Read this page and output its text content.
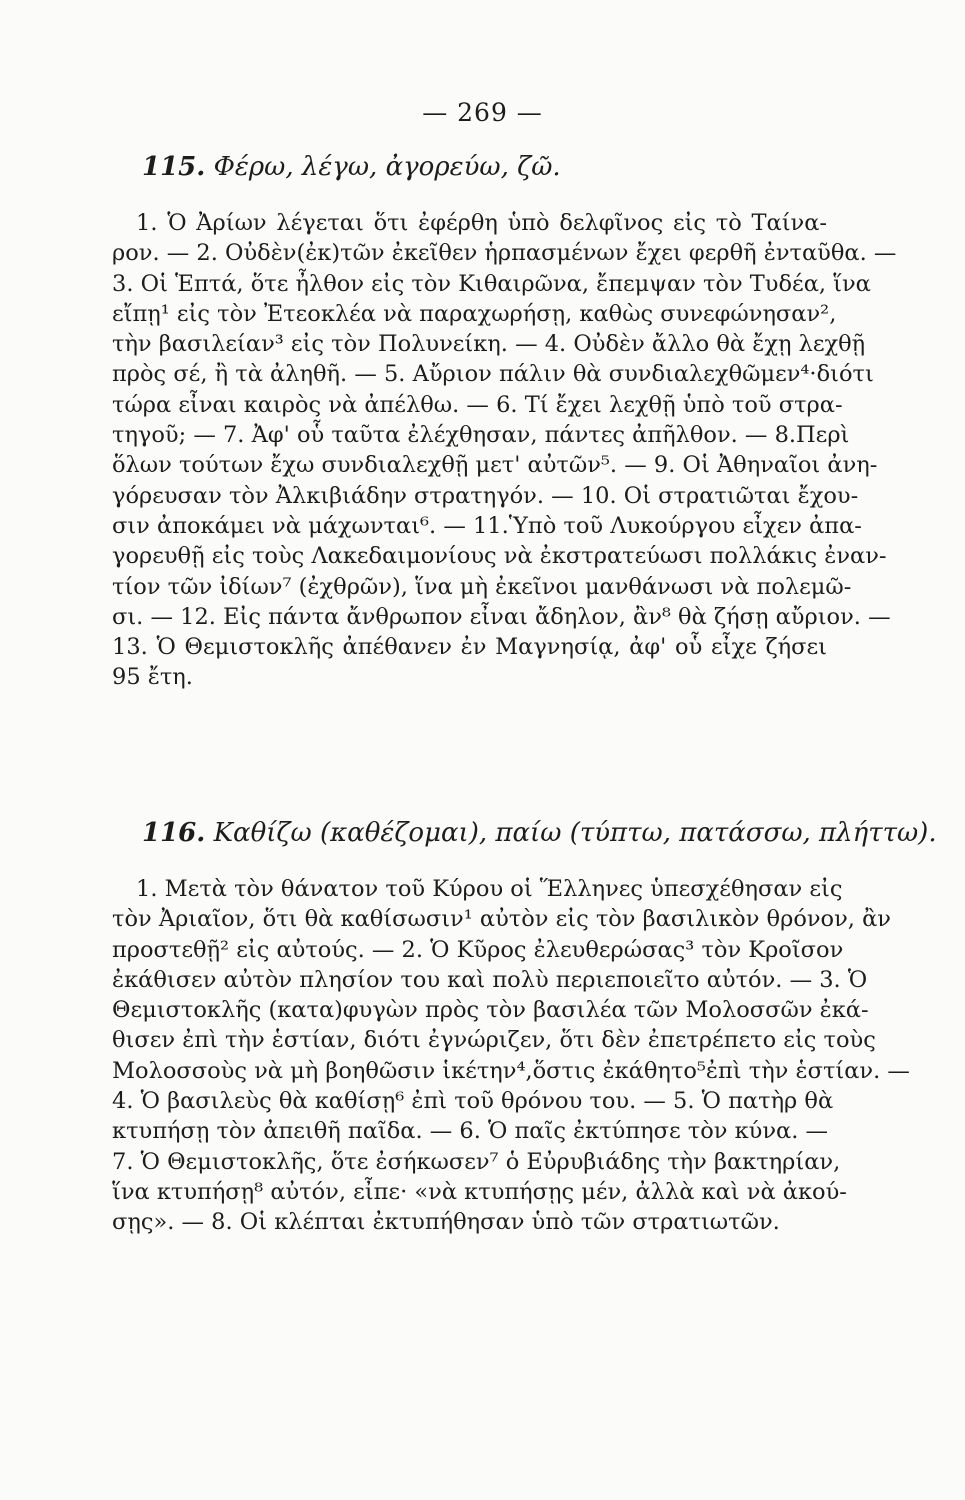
— 269 —
115. Φέρω, λέγω, ἀγορεύω, ζῶ.
1. Ὁ Ἀρίων λέγεται ὅτι ἐφέρθη ὑπὸ δελφῖνος εἰς τὸ Ταίνα-
ρον. — 2. Οὐδὲν(ἐκ)τῶν ἐκεῖθεν ἡρπασμένων ἔχει φερθῆ ἐνταῦθα. —
3. Οἱ Ἑπτά, ὅτε ἦλθον εἰς τὸν Κιθαιρῶνα, ἔπεμψαν τὸν Τυδέα, ἵνα
εἴπῃ¹ εἰς τὸν Ἐτεοκλέα νὰ παραχωρήσῃ, καθὼς συνεφώνησαν²,
τὴν βασιλείαν³ εἰς τὸν Πολυνείκη. — 4. Οὐδὲν ἄλλο θὰ ἔχῃ λεχθῇ
πρὸς σέ, ἢ τὰ ἀληθῆ. — 5. Αὔριον πάλιν θὰ συνδιαλεχθῶμεν⁴·διότι
τώρα εἶναι καιρὸς νὰ ἀπέλθω. — 6. Τί ἔχει λεχθῇ ὑπὸ τοῦ στρα-
τηγοῦ; — 7. Ἀφ' οὗ ταῦτα ἐλέχθησαν, πάντες ἀπῆλθον. — 8.Περὶ
ὅλων τούτων ἔχω συνδιαλεχθῇ μετ' αὐτῶν⁵. — 9. Οἱ Ἀθηναῖοι ἀνη-
γόρευσαν τὸν Ἀλκιβιάδην στρατηγόν. — 10. Οἱ στρατιῶται ἔχου-
σιν ἀποκάμει νὰ μάχωνται⁶. — 11.Ὑπὸ τοῦ Λυκούργου εἶχεν ἀπα-
γορευθῇ εἰς τοὺς Λακεδαιμονίους νὰ ἐκστρατεύωσι πολλάκις ἐναν-
τίον τῶν ἰδίων⁷ (ἐχθρῶν), ἵνα μὴ ἐκεῖνοι μανθάνωσι νὰ πολεμῶ-
σι. — 12. Εἰς πάντα ἄνθρωπον εἶναι ἄδηλον, ἂν⁸ θὰ ζήσῃ αὔριον. —
13. Ὁ Θεμιστοκλῆς ἀπέθανεν ἐν Μαγνησίᾳ, ἀφ' οὗ εἶχε ζήσει
95 ἔτη.
116. Καθίζω (καθέζομαι), παίω (τύπτω, πατάσσω, πλήττω).
1. Μετὰ τὸν θάνατον τοῦ Κύρου οἱ Ἕλληνες ὑπεσχέθησαν εἰς
τὸν Ἀριαῖον, ὅτι θὰ καθίσωσιν¹ αὐτὸν εἰς τὸν βασιλικὸν θρόνον, ἂν
προστεθῇ² εἰς αὐτούς. — 2. Ὁ Κῦρος ἐλευθερώσας³ τὸν Κροῖσον
ἐκάθισεν αὐτὸν πλησίον του καὶ πολὺ περιεποιεῖτο αὐτόν. — 3. Ὁ
Θεμιστοκλῆς (κατα)φυγὼν πρὸς τὸν βασιλέα τῶν Μολοσσῶν ἐκά-
θισεν ἐπὶ τὴν ἑστίαν, διότι ἐγνώριζεν, ὅτι δὲν ἐπετρέπετο εἰς τοὺς
Μολοσσοὺς νὰ μὴ βοηθῶσιν ἱκέτην⁴,ὅστις ἐκάθητο⁵ἐπὶ τὴν ἑστίαν. —
4. Ὁ βασιλεὺς θὰ καθίσῃ⁶ ἐπὶ τοῦ θρόνου του. — 5. Ὁ πατὴρ θὰ
κτυπήσῃ τὸν ἀπειθῆ παῖδα. — 6. Ὁ παῖς ἐκτύπησε τὸν κύνα. —
7. Ὁ Θεμιστοκλῆς, ὅτε ἐσήκωσεν⁷ ὁ Εὐρυβιάδης τὴν βακτηρίαν,
ἵνα κτυπήσῃ⁸ αὐτόν, εἶπε· «νὰ κτυπήσῃς μέν, ἀλλὰ καὶ νὰ ἀκού-
σῃς». — 8. Οἱ κλέπται ἐκτυπήθησαν ὑπὸ τῶν στρατιωτῶν.
